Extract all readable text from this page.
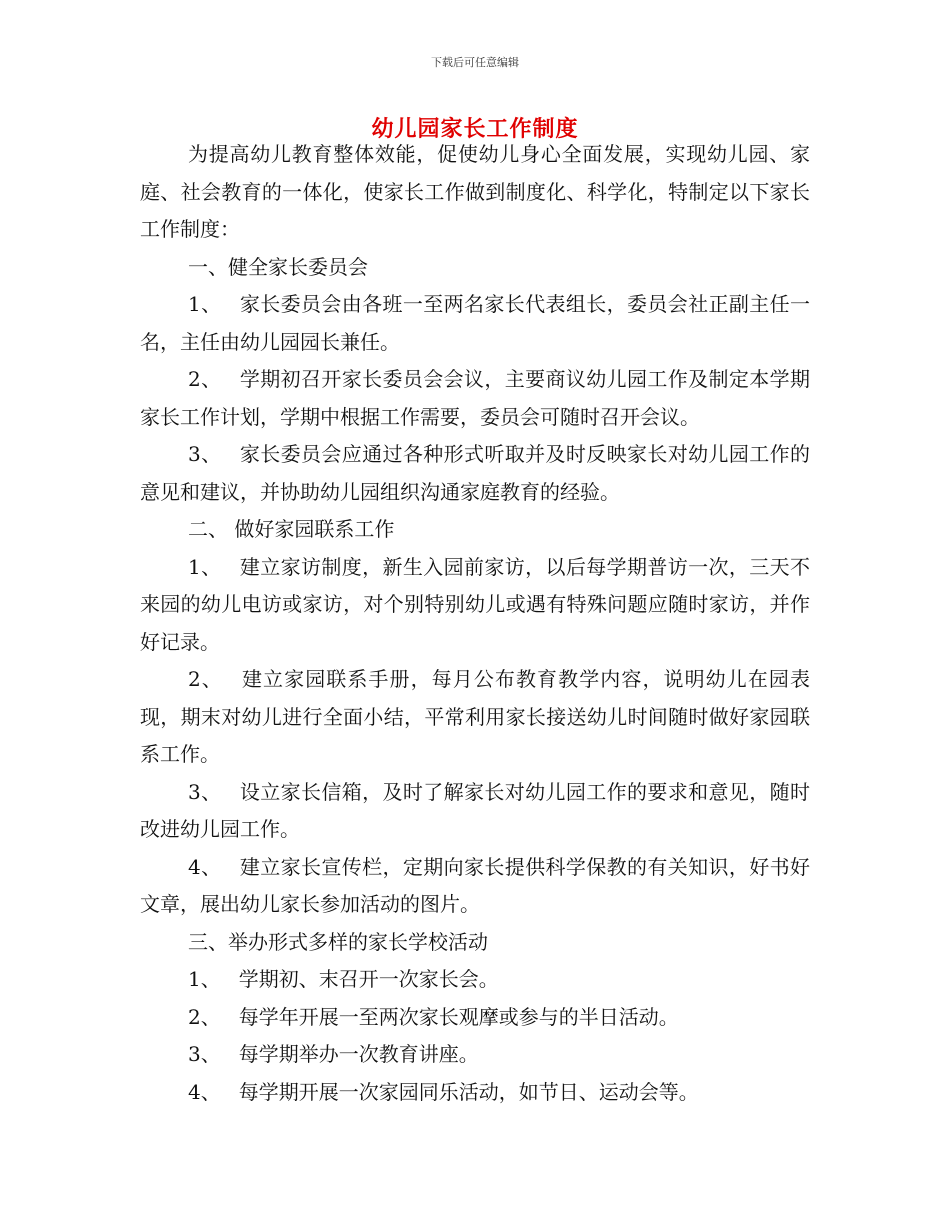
下载后可任意编辑
幼儿园家长工作制度

为提高幼儿教育整体效能，促使幼儿身心全面发展，实现幼儿园、家庭、社会教育的一体化，使家长工作做到制度化、科学化，特制定以下家长工作制度：

一、健全家长委员会

1、 家长委员会由各班一至两名家长代表组长，委员会社正副主任一名，主任由幼儿园园长兼任。

2、 学期初召开家长委员会会议，主要商议幼儿园工作及制定本学期家长工作计划，学期中根据工作需要，委员会可随时召开会议。

3、 家长委员会应通过各种形式听取并及时反映家长对幼儿园工作的意见和建议，并协助幼儿园组织沟通家庭教育的经验。

二、 做好家园联系工作

1、 建立家访制度，新生入园前家访，以后每学期普访一次，三天不来园的幼儿电访或家访，对个别特别幼儿或遇有特殊问题应随时家访，并作好记录。

2、 建立家园联系手册，每月公布教育教学内容，说明幼儿在园表现，期末对幼儿进行全面小结，平常利用家长接送幼儿时间随时做好家园联系工作。

3、 设立家长信箱，及时了解家长对幼儿园工作的要求和意见，随时改进幼儿园工作。

4、 建立家长宣传栏，定期向家长提供科学保教的有关知识，好书好文章，展出幼儿家长参加活动的图片。

三、举办形式多样的家长学校活动

1、 学期初、末召开一次家长会。

2、 每学年开展一至两次家长观摩或参与的半日活动。

3、 每学期举办一次教育讲座。

4、 每学期开展一次家园同乐活动，如节日、运动会等。
